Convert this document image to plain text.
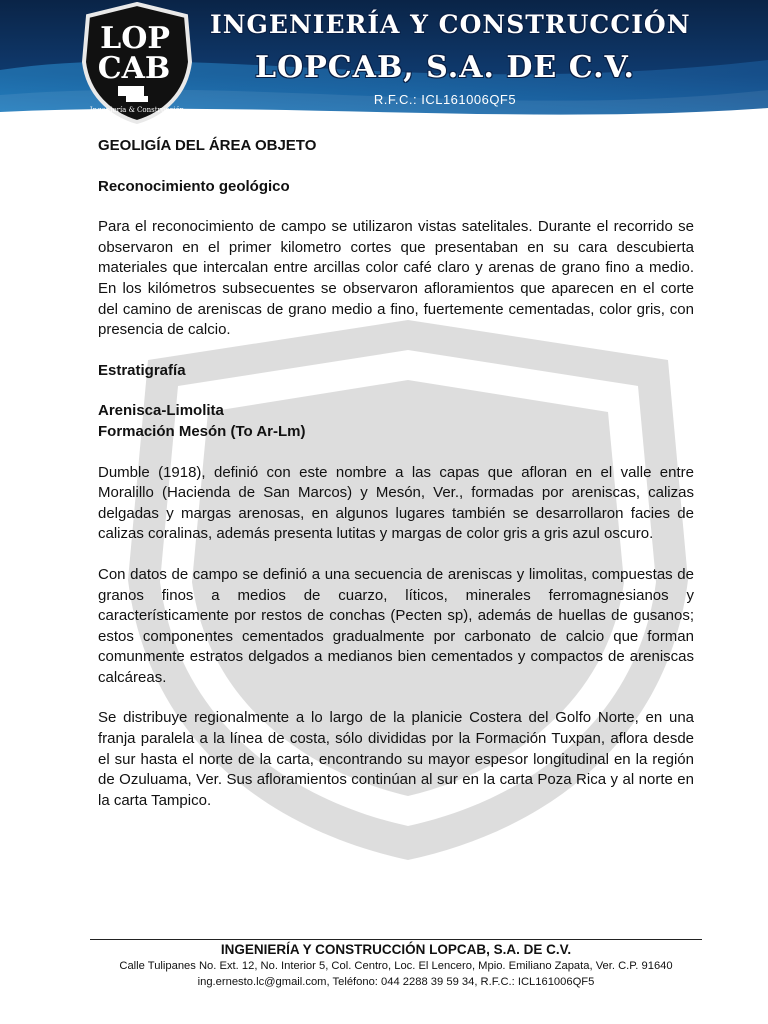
LOP
CAB
Ingeniería & Construcción
INGENIERÍA Y CONSTRUCCIÓN
LOPCAB, S.A. DE C.V.
R.F.C.: ICL161006QF5

GEOLIGÍA DEL ÁREA OBJETO

Reconocimiento geológico

Para el reconocimiento de campo se utilizaron vistas satelitales. Durante el recorrido se observaron en el primer kilometro cortes que presentaban en su cara descubierta materiales que intercalan entre arcillas color café claro y arenas de grano fino a medio. En los kilómetros subsecuentes se observaron afloramientos que aparecen en el corte del camino de areniscas de grano medio a fino, fuertemente cementadas, color gris, con presencia de calcio.

Estratigrafía

Arenisca-Limolita

Formación Mesón (To Ar-Lm)

Dumble (1918), definió con este nombre a las capas que afloran en el valle entre Moralillo (Hacienda de San Marcos) y Mesón, Ver., formadas por areniscas, calizas delgadas y margas arenosas, en algunos lugares también se desarrollaron facies de calizas coralinas, además presenta lutitas y margas de color gris a gris azul oscuro.

Con datos de campo se definió a una secuencia de areniscas y limolitas, compuestas de granos finos a medios de cuarzo, líticos, minerales ferromagnesianos y característicamente por restos de conchas (Pecten sp), además de huellas de gusanos; estos componentes cementados gradualmente por carbonato de calcio que forman comunmente estratos delgados a medianos bien cementados y compactos de areniscas calcáreas.

Se distribuye regionalmente a lo largo de la planicie Costera del Golfo Norte, en una franja paralela a la línea de costa, sólo divididas por la Formación Tuxpan, aflora desde el sur hasta el norte de la carta, encontrando su mayor espesor longitudinal en la región de Ozuluama, Ver. Sus afloramientos continúan al sur en la carta Poza Rica y al norte en la carta Tampico.

INGENIERÍA Y CONSTRUCCIÓN LOPCAB, S.A. DE C.V.
Calle Tulipanes No. Ext. 12, No. Interior 5, Col. Centro, Loc. El Lencero, Mpio. Emiliano Zapata, Ver. C.P. 91640
ing.ernesto.lc@gmail.com, Teléfono: 044 2288 39 59 34, R.F.C.: ICL161006QF5
